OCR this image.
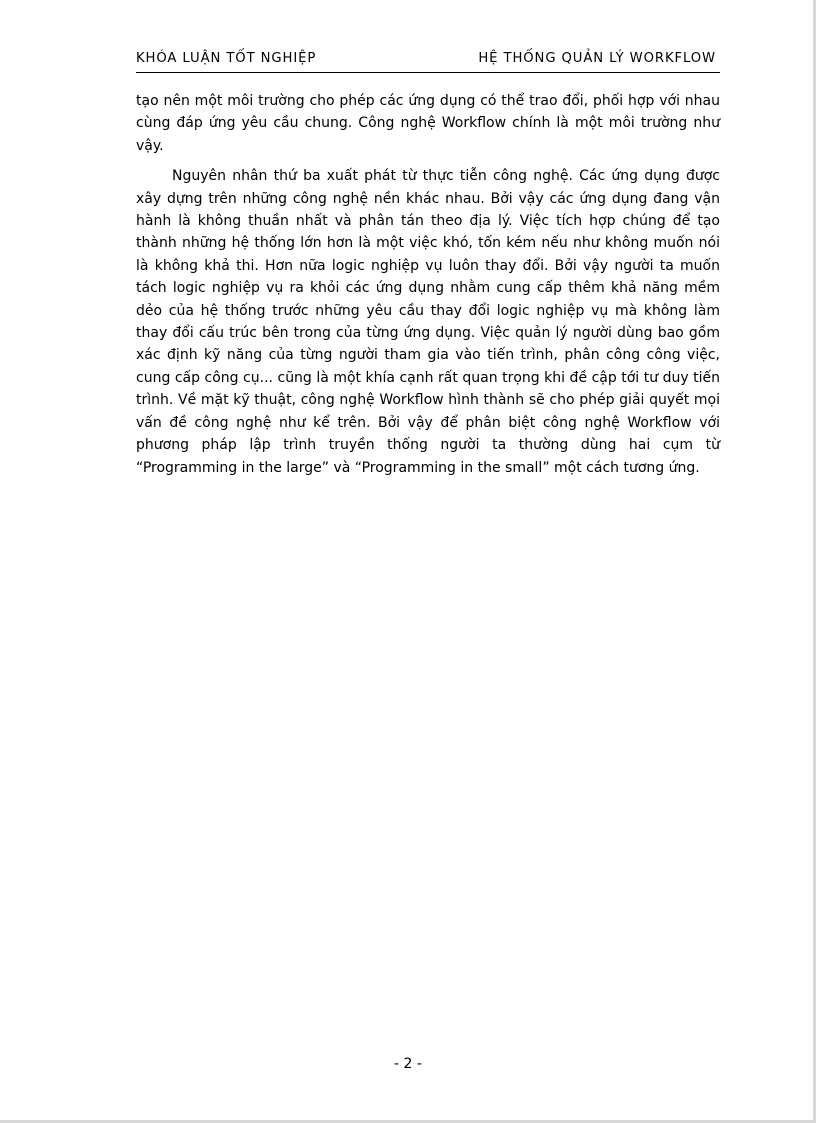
KHÓA LUẬN TỐT NGHIỆP	HỆ THỐNG QUẢN LÝ WORKFLOW

tạo nên một môi trường cho phép các ứng dụng có thể trao đổi, phối hợp với nhau cùng đáp ứng yêu cầu chung. Công nghệ Workflow chính là một môi trường như vậy.

Nguyên nhân thứ ba xuất phát từ thực tiễn công nghệ. Các ứng dụng được xây dựng trên những công nghệ nền khác nhau. Bởi vậy các ứng dụng đang vận hành là không thuần nhất và phân tán theo địa lý. Việc tích hợp chúng để tạo thành những hệ thống lớn hơn là một việc khó, tốn kém nếu như không muốn nói là không khả thi. Hơn nữa logic nghiệp vụ luôn thay đổi. Bởi vậy người ta muốn tách logic nghiệp vụ ra khỏi các ứng dụng nhằm cung cấp thêm khả năng mềm dẻo của hệ thống trước những yêu cầu thay đổi logic nghiệp vụ mà không làm thay đổi cấu trúc bên trong của từng ứng dụng. Việc quản lý người dùng bao gồm xác định kỹ năng của từng người tham gia vào tiến trình, phân công công việc, cung cấp công cụ... cũng là một khía cạnh rất quan trọng khi đề cập tới tư duy tiến trình. Về mặt kỹ thuật, công nghệ Workflow hình thành sẽ cho phép giải quyết mọi vấn đề công nghệ như kể trên. Bởi vậy để phân biệt công nghệ Workflow với phương pháp lập trình truyền thống người ta thường dùng hai cụm từ “Programming in the large” và “Programming in the small” một cách tương ứng.

- 2 -
